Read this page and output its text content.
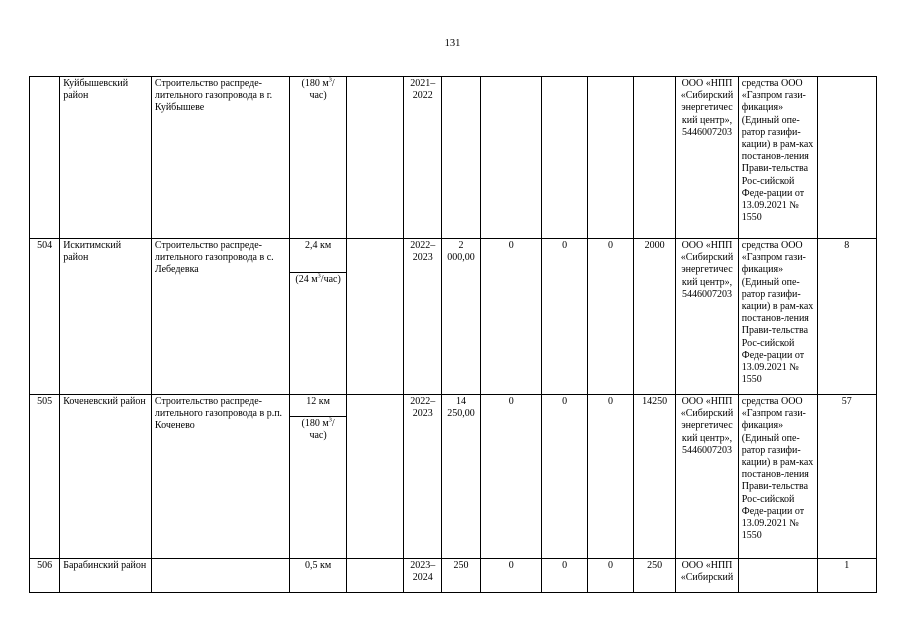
131
	Куйбышевский район	Строительство распреде-лительного газопровода в г. Куйбышеве	(180 $м^3/час$)		2021–2022						ООО «НПП «Сибирский энергетический центр», 5446007203	средства ООО «Газпром гази-фикация» (Единый опе-ратор газифи-кации) в рам-ках постанов-ления Прави-тельства Рос-сийской Феде-рации от 13.09.2021 № 1550	
504	Искитимский район	Строительство распреде-лительного газопровода в с. Лебедевка	2,4 км		2022–2023	2 000,00	0	0	0	2000	ООО «НПП «Сибирский энергетический центр», 5446007203	средства ООО «Газпром гази-фикация» (Единый опе-ратор газифи-кации) в рам-ках постанов-ления Прави-тельства Рос-сийской Феде-рации от 13.09.2021 № 1550	8
			(24 $м^3/час$)										
505	Коченевский район	Строительство распреде-лительного газопровода в р.п. Коченево	12 км		2022–2023	14 250,00	0	0	0	14250	ООО «НПП «Сибирский энергетический центр», 5446007203	средства ООО «Газпром гази-фикация» (Единый опе-ратор газифи-кации) в рам-ках постанов-ления Прави-тельства Рос-сийской Феде-рации от 13.09.2021 № 1550	57
			(180 $м^3/час$)										
506	Барабинский район		0,5 км		2023–2024	250	0	0	0	250	ООО «НПП «Сибирский		1
